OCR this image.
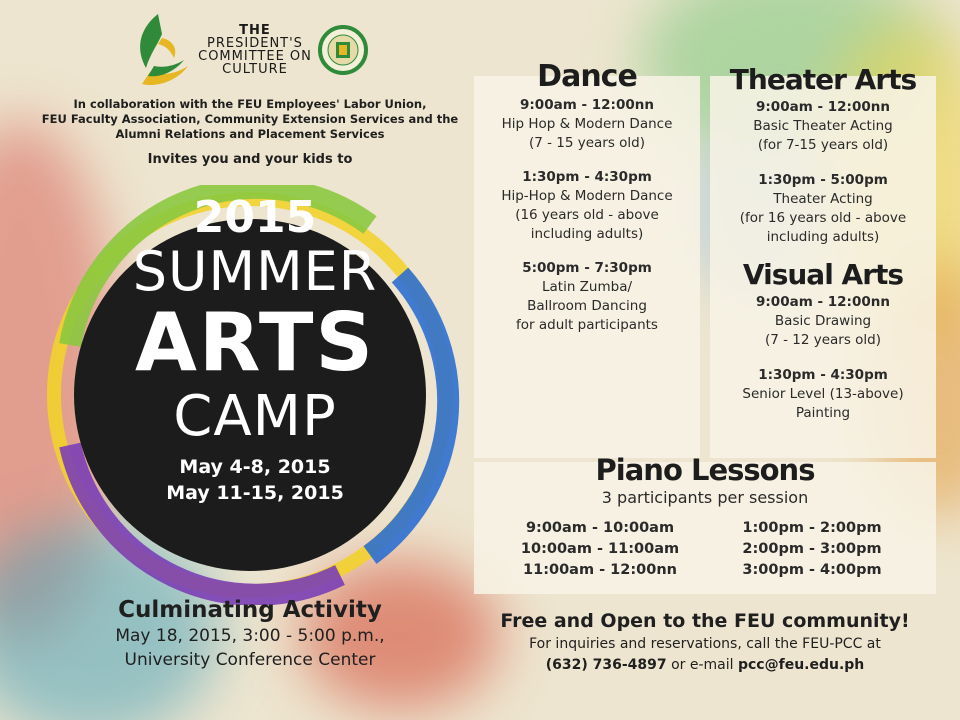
THE
PRESIDENT'S
COMMITTEE ON
CULTURE
In collaboration with the FEU Employees' Labor Union,
FEU Faculty Association, Community Extension Services and the
Alumni Relations and Placement Services
Invites you and your kids to
2015
SUMMER
ARTS
CAMP
May 4-8, 2015
May 11-15, 2015
Culminating Activity
May 18, 2015, 3:00 - 5:00 p.m.,
University Conference Center
Dance
9:00am - 12:00nn
Hip Hop & Modern Dance
(7 - 15 years old)
1:30pm - 4:30pm
Hip-Hop & Modern Dance
(16 years old - above
including adults)
5:00pm - 7:30pm
Latin Zumba/
Ballroom Dancing
for adult participants
Theater Arts
9:00am - 12:00nn
Basic Theater Acting
(for 7-15 years old)
1:30pm - 5:00pm
Theater Acting
(for 16 years old - above
including adults)
Visual Arts
9:00am - 12:00nn
Basic Drawing
(7 - 12 years old)
1:30pm - 4:30pm
Senior Level (13-above)
Painting
Piano Lessons
3 participants per session
9:00am - 10:00am
10:00am - 11:00am
11:00am - 12:00nn
1:00pm - 2:00pm
2:00pm - 3:00pm
3:00pm - 4:00pm
Free and Open to the FEU community!
For inquiries and reservations, call the FEU-PCC at
(632) 736-4897 or e-mail pcc@feu.edu.ph
